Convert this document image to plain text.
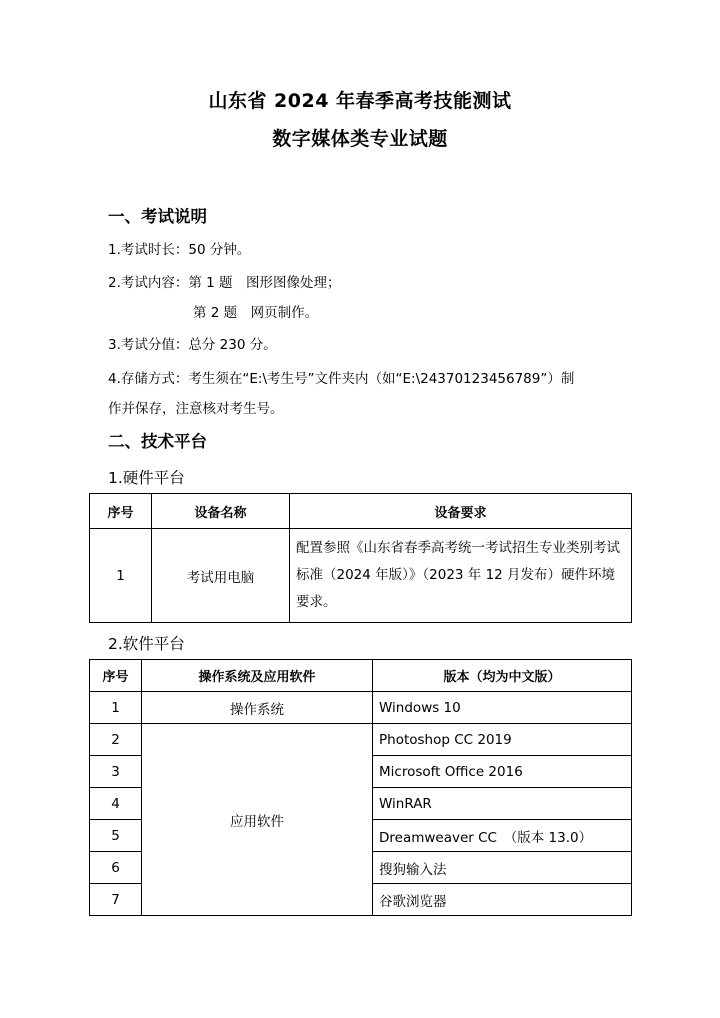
山东省 2024 年春季高考技能测试
数字媒体类专业试题
一、考试说明
1.考试时长：50 分钟。
2.考试内容：第 1 题　图形图像处理；
第 2 题　网页制作。
3.考试分值：总分 230 分。
4.存储方式：考生须在“E:\考生号”文件夹内（如“E:\24370123456789”）制
作并保存，注意核对考生号。
二、技术平台
1.硬件平台
序号	设备名称	设备要求
1	考试用电脑	配置参照《山东省春季高考统一考试招生专业类别考试标准（2024 年版）》（2023 年 12 月发布）硬件环境要求。
2.软件平台
序号	操作系统及应用软件	版本（均为中文版）
1	操作系统	Windows 10
2	应用软件	Photoshop CC 2019
3		Microsoft Office 2016
4		WinRAR
5		Dreamweaver CC　（版本 13.0）
6		搜狗输入法
7		谷歌浏览器
